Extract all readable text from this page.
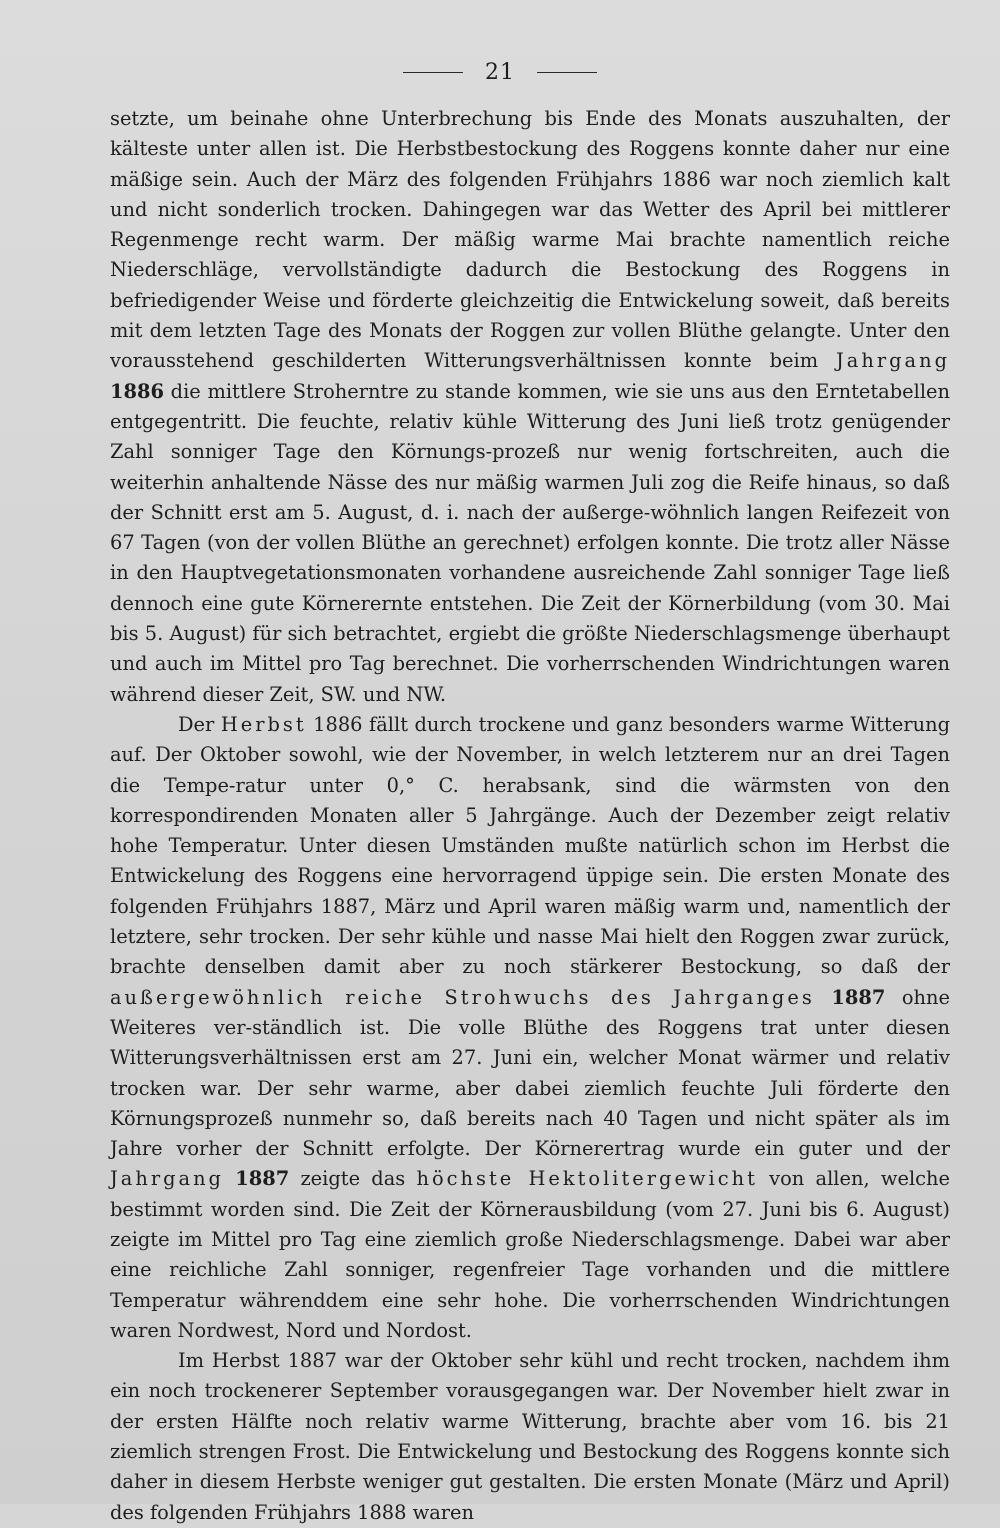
21

setzte, um beinahe ohne Unterbrechung bis Ende des Monats auszuhalten, der kälteste unter allen ist. Die Herbstbestockung des Roggens konnte daher nur eine mäßige sein. Auch der März des folgenden Frühjahrs 1886 war noch ziemlich kalt und nicht sonderlich trocken. Dahingegen war das Wetter des April bei mittlerer Regenmenge recht warm. Der mäßig warme Mai brachte namentlich reiche Niederschläge, vervollständigte dadurch die Bestockung des Roggens in befriedigender Weise und förderte gleichzeitig die Entwickelung soweit, daß bereits mit dem letzten Tage des Monats der Roggen zur vollen Blüthe gelangte. Unter den vorausstehend geschilderten Witterungsverhältnissen konnte beim Jahrgang 1886 die mittlere Stroherntre zu stande kommen, wie sie uns aus den Erntetabellen entgegentritt. Die feuchte, relativ kühle Witterung des Juni ließ trotz genügender Zahl sonniger Tage den Körnungs-prozeß nur wenig fortschreiten, auch die weiterhin anhaltende Nässe des nur mäßig warmen Juli zog die Reife hinaus, so daß der Schnitt erst am 5. August, d. i. nach der außerge-wöhnlich langen Reifezeit von 67 Tagen (von der vollen Blüthe an gerechnet) erfolgen konnte. Die trotz aller Nässe in den Hauptvegetationsmonaten vorhandene ausreichende Zahl sonniger Tage ließ dennoch eine gute Körnerernte entstehen. Die Zeit der Körnerbildung (vom 30. Mai bis 5. August) für sich betrachtet, ergiebt die größte Niederschlagsmenge überhaupt und auch im Mittel pro Tag berechnet. Die vorherrschenden Windrichtungen waren während dieser Zeit, SW. und NW.

Der Herbst 1886 fällt durch trockene und ganz besonders warme Witterung auf. Der Oktober sowohl, wie der November, in welch letzterem nur an drei Tagen die Tempe-ratur unter 0,° C. herabsank, sind die wärmsten von den korrespondirenden Monaten aller 5 Jahrgänge. Auch der Dezember zeigt relativ hohe Temperatur. Unter diesen Umständen mußte natürlich schon im Herbst die Entwickelung des Roggens eine hervorragend üppige sein. Die ersten Monate des folgenden Frühjahrs 1887, März und April waren mäßig warm und, namentlich der letztere, sehr trocken. Der sehr kühle und nasse Mai hielt den Roggen zwar zurück, brachte denselben damit aber zu noch stärkerer Bestockung, so daß der außergewöhnlich reiche Strohwuchs des Jahrganges 1887 ohne Weiteres ver-ständlich ist. Die volle Blüthe des Roggens trat unter diesen Witterungsverhältnissen erst am 27. Juni ein, welcher Monat wärmer und relativ trocken war. Der sehr warme, aber dabei ziemlich feuchte Juli förderte den Körnungsprozeß nunmehr so, daß bereits nach 40 Tagen und nicht später als im Jahre vorher der Schnitt erfolgte. Der Körnerertrag wurde ein guter und der Jahrgang 1887 zeigte das höchste Hektolitergewicht von allen, welche bestimmt worden sind. Die Zeit der Körnerausbildung (vom 27. Juni bis 6. August) zeigte im Mittel pro Tag eine ziemlich große Niederschlagsmenge. Dabei war aber eine reichliche Zahl sonniger, regenfreier Tage vorhanden und die mittlere Temperatur währenddem eine sehr hohe. Die vorherrschenden Windrichtungen waren Nordwest, Nord und Nordost.

Im Herbst 1887 war der Oktober sehr kühl und recht trocken, nachdem ihm ein noch trockenerer September vorausgegangen war. Der November hielt zwar in der ersten Hälfte noch relativ warme Witterung, brachte aber vom 16. bis 21 ziemlich strengen Frost. Die Entwickelung und Bestockung des Roggens konnte sich daher in diesem Herbste weniger gut gestalten. Die ersten Monate (März und April) des folgenden Frühjahrs 1888 waren
